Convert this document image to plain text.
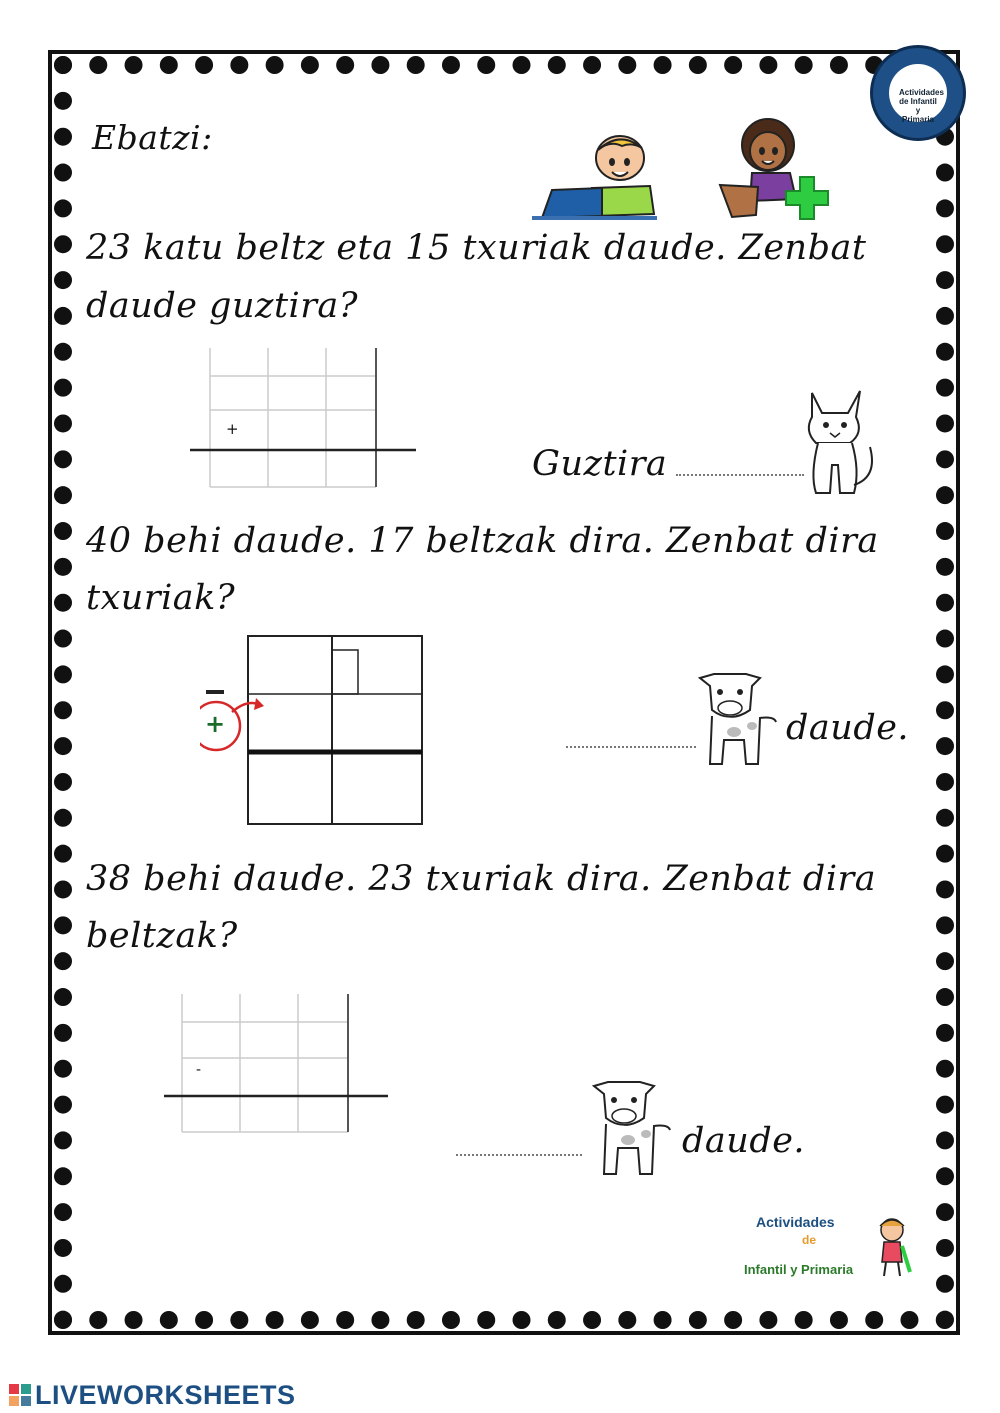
Actividades de Infantil y Primaria
Ebatzi:
23 katu beltz eta 15 txuriak daude. Zenbat
daude guztira?
+
Guztira
40 behi daude. 17 beltzak dira. Zenbat dira
txuriak?
+	daude.
38 behi daude. 23 txuriak dira. Zenbat dira
beltzak?
-
daude.
Actividades
de
Infantil y Primaria
LIVEWORKSHEETS
